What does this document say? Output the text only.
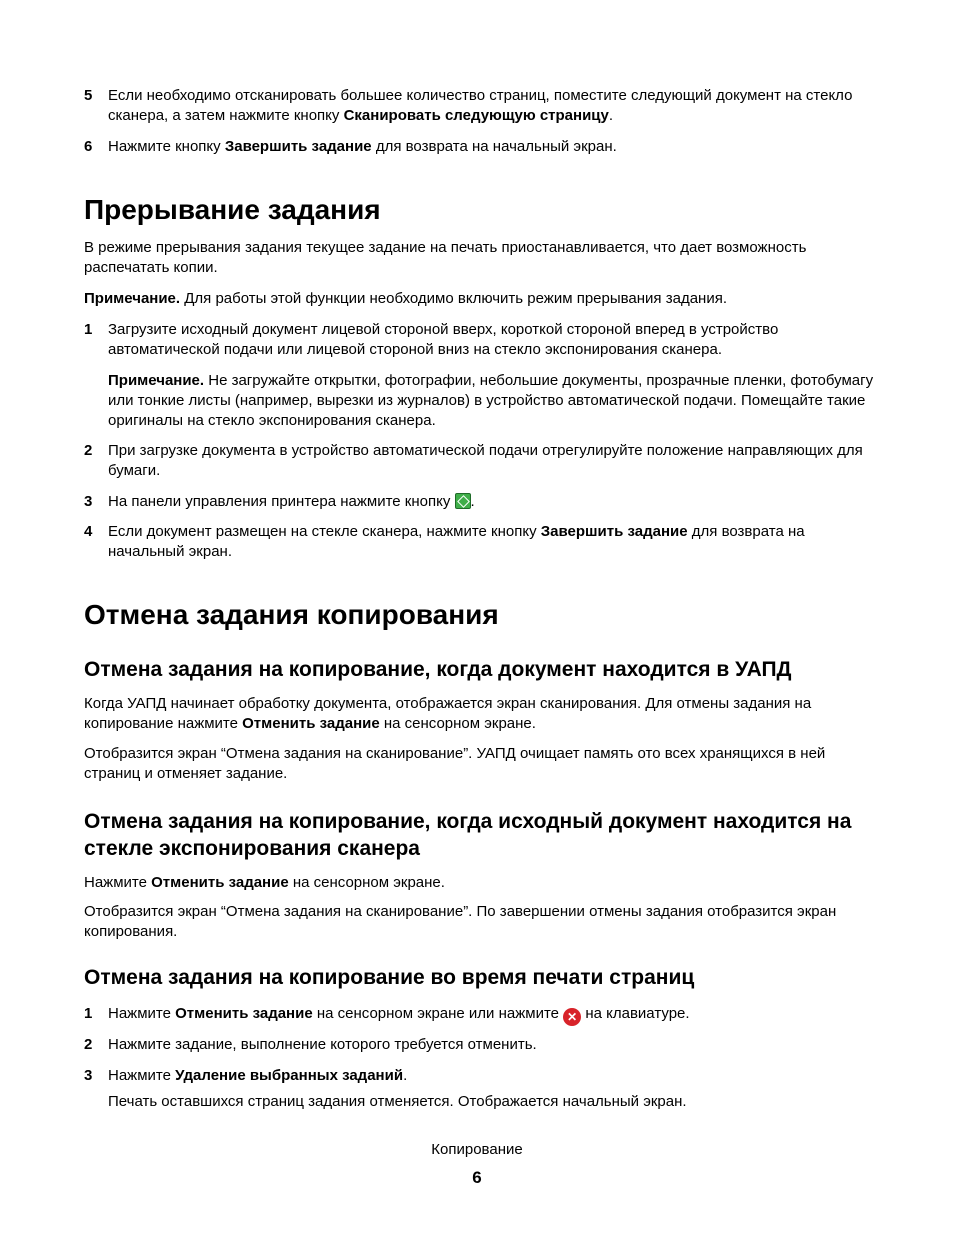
5	Если необходимо отсканировать большее количество страниц, поместите следующий документ на стекло сканера, а затем нажмите кнопку Сканировать следующую страницу.
6	Нажмите кнопку Завершить задание для возврата на начальный экран.
Прерывание задания
В режиме прерывания задания текущее задание на печать приостанавливается, что дает возможность распечатать копии.
Примечание. Для работы этой функции необходимо включить режим прерывания задания.
1	Загрузите исходный документ лицевой стороной вверх, короткой стороной вперед в устройство автоматической подачи или лицевой стороной вниз на стекло экспонирования сканера.
Примечание. Не загружайте открытки, фотографии, небольшие документы, прозрачные пленки, фотобумагу или тонкие листы (например, вырезки из журналов) в устройство автоматической подачи. Помещайте такие оригиналы на стекло экспонирования сканера.
2	При загрузке документа в устройство автоматической подачи отрегулируйте положение направляющих для бумаги.
3	На панели управления принтера нажмите кнопку .
4	Если документ размещен на стекле сканера, нажмите кнопку Завершить задание для возврата на начальный экран.
Отмена задания копирования
Отмена задания на копирование, когда документ находится в УАПД
Когда УАПД начинает обработку документа, отображается экран сканирования. Для отмены задания на копирование нажмите Отменить задание на сенсорном экране.
Отобразится экран “Отмена задания на сканирование”. УАПД очищает память ото всех хранящихся в ней страниц и отменяет задание.
Отмена задания на копирование, когда исходный документ находится на стекле экспонирования сканера
Нажмите Отменить задание на сенсорном экране.
Отобразится экран “Отмена задания на сканирование”. По завершении отмены задания отобразится экран копирования.
Отмена задания на копирование во время печати страниц
1	Нажмите Отменить задание на сенсорном экране или нажмите ✕ на клавиатуре.
2	Нажмите задание, выполнение которого требуется отменить.
3	Нажмите Удаление выбранных заданий.
Печать оставшихся страниц задания отменяется. Отображается начальный экран.
Копирование
6
